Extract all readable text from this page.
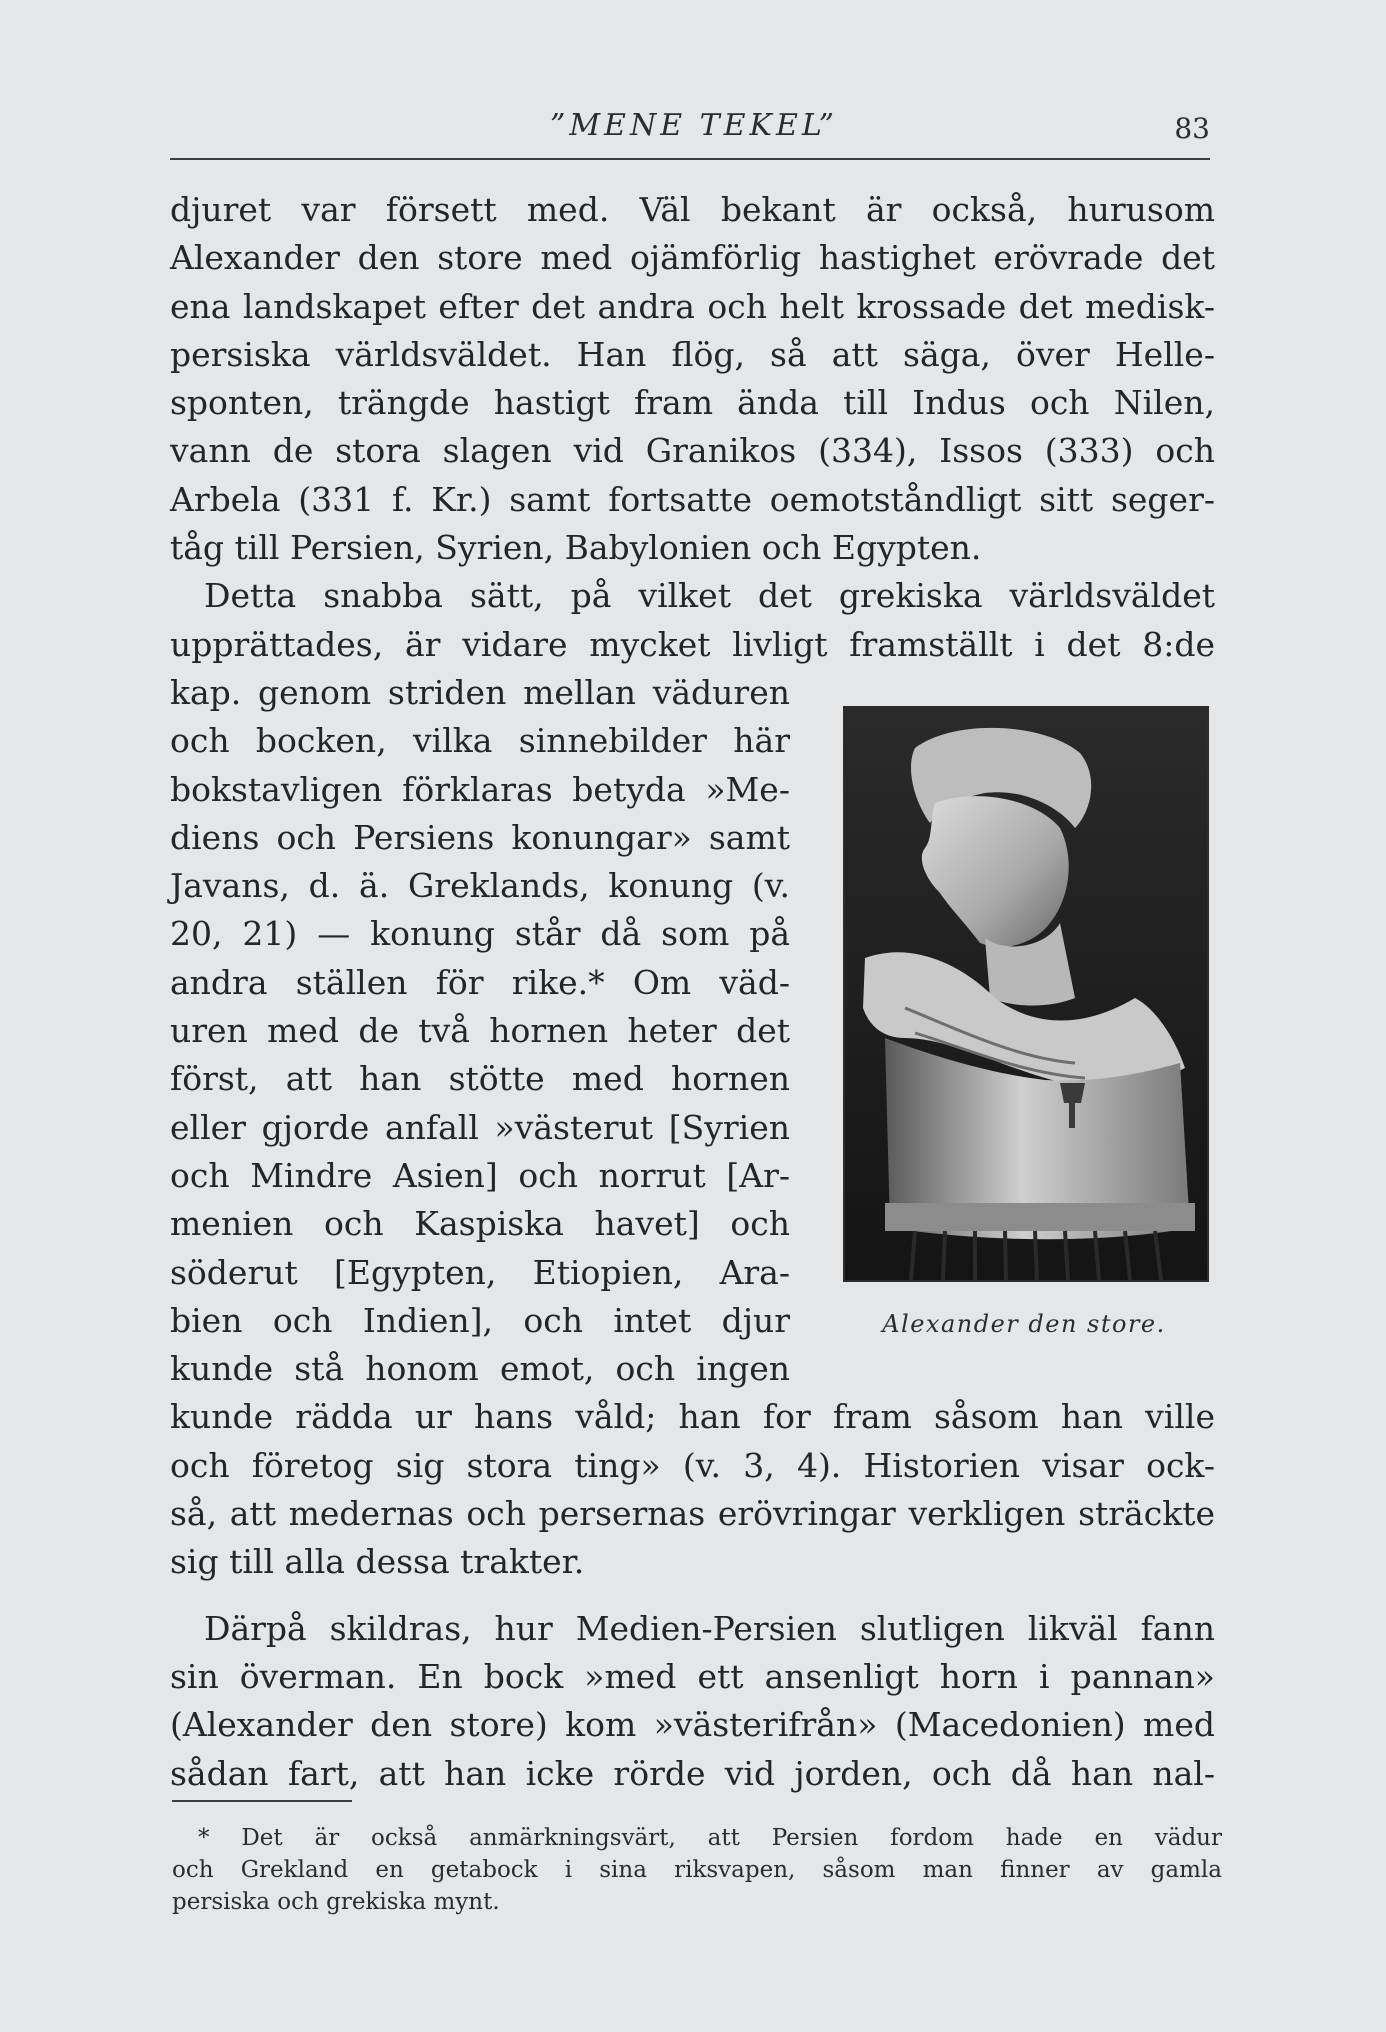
”MENE TEKEL”	83
djuret var försett med. Väl bekant är också, hurusom
Alexander den store med ojämförlig hastighet erövrade det
ena landskapet efter det andra och helt krossade det medisk-
persiska världsväldet. Han flög, så att säga, över Helle-
sponten, trängde hastigt fram ända till Indus och Nilen,
vann de stora slagen vid Granikos (334), Issos (333) och
Arbela (331 f. Kr.) samt fortsatte oemotståndligt sitt seger-
tåg till Persien, Syrien, Babylonien och Egypten.
Detta snabba sätt, på vilket det grekiska världsväldet
upprättades, är vidare mycket livligt framställt i det 8:de
kap. genom striden mellan väduren
och bocken, vilka sinnebilder här
bokstavligen förklaras betyda »Me-
diens och Persiens konungar» samt
Javans, d. ä. Greklands, konung (v.
20, 21) — konung står då som på
andra ställen för rike.* Om väd-
uren med de två hornen heter det
först, att han stötte med hornen
eller gjorde anfall »västerut [Syrien
och Mindre Asien] och norrut [Ar-
menien och Kaspiska havet] och
söderut [Egypten, Etiopien, Ara-
bien och Indien], och intet djur
kunde stå honom emot, och ingen
kunde rädda ur hans våld; han for fram såsom han ville
och företog sig stora ting» (v. 3, 4). Historien visar ock-
så, att medernas och persernas erövringar verkligen sträckte
sig till alla dessa trakter.
Därpå skildras, hur Medien-Persien slutligen likväl fann
sin överman. En bock »med ett ansenligt horn i pannan»
(Alexander den store) kom »västerifrån» (Macedonien) med
sådan fart, att han icke rörde vid jorden, och då han nal-
Alexander den store.
* Det är också anmärkningsvärt, att Persien fordom hade en vädur
och Grekland en getabock i sina riksvapen, såsom man finner av gamla
persiska och grekiska mynt.
